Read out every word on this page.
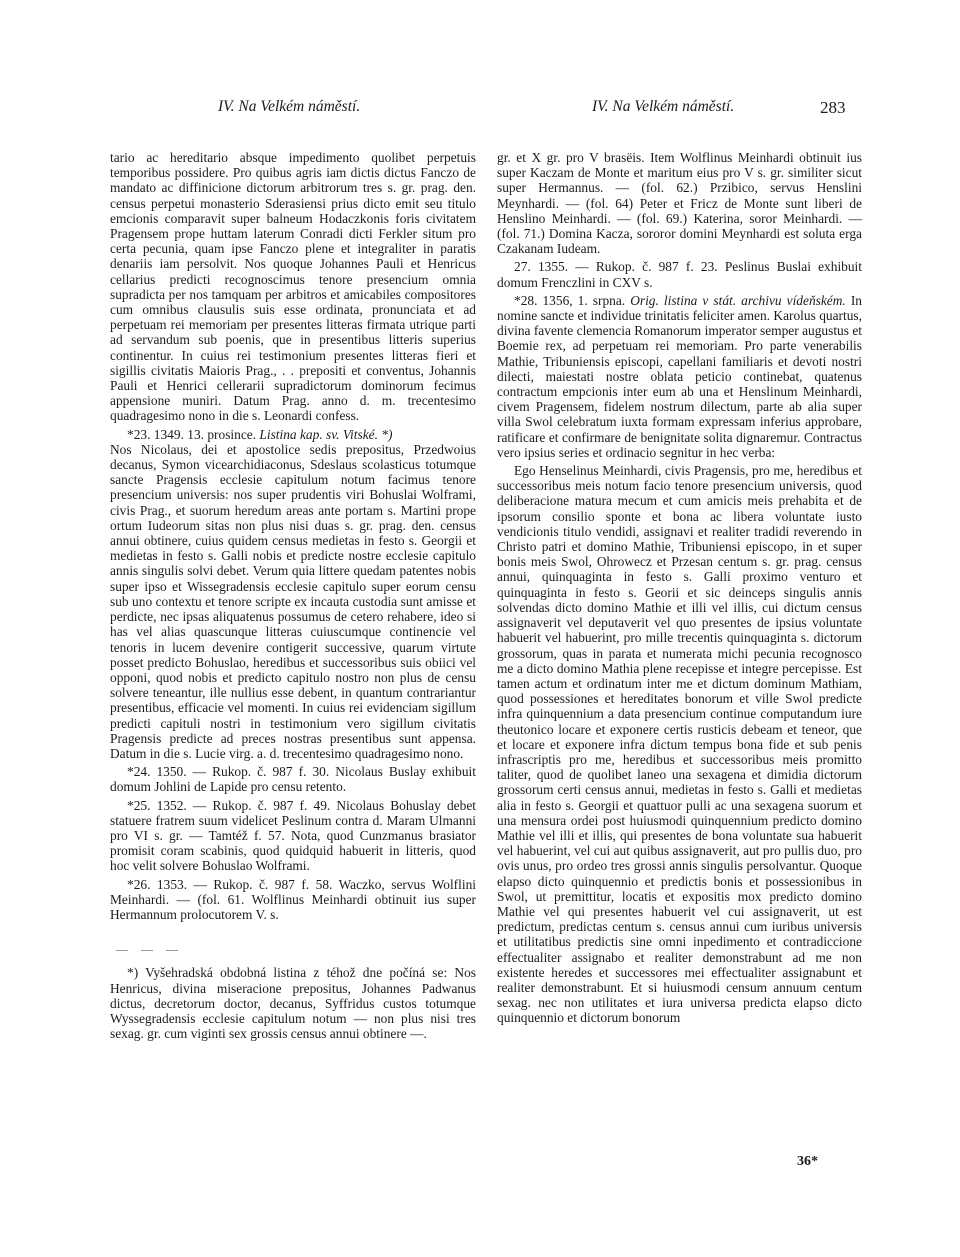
IV. Na Velkém náměstí.	IV. Na Velkém náměstí.	283

tario ac hereditario absque impedimento quolibet perpetuis temporibus possidere. Pro quibus agris iam dictis dictus Fanczo de mandato ac diffinicione dictorum arbitrorum tres s. gr. prag. den. census perpetui monasterio Sderasiensi prius dicto emit seu titulo emcionis comparavit super balneum Hodaczkonis foris civitatem Pragensem prope huttam laterum Conradi dicti Ferkler situm pro certa pecunia, quam ipse Fanczo plene et integraliter in paratis denariis iam persolvit. Nos quoque Johannes Pauli et Henricus cellarius predicti recognoscimus tenore presencium omnia supradicta per nos tamquam per arbitros et amicabiles compositores cum omnibus clausulis suis esse ordinata, pronunciata et ad perpetuam rei memoriam per presentes litteras firmata utrique parti ad servandum sub poenis, que in presentibus litteris superius continentur. In cuius rei testimonium presentes litteras fieri et sigillis civitatis Maioris Prag., . . prepositi et conventus, Johannis Pauli et Henrici cellerarii supradictorum dominorum fecimus appensione muniri. Datum Prag. anno d. m. trecentesimo quadragesimo nono in die s. Leonardi confess.

*23. 1349. 13. prosince. Listina kap. sv. Vitské. *)

Nos Nicolaus, dei et apostolice sedis prepositus, Przedwoius decanus, Symon vicearchidiaconus, Sdeslaus scolasticus totumque sancte Pragensis ecclesie capitulum notum facimus tenore presencium universis: nos super prudentis viri Bohuslai Wolframi, civis Prag., et suorum heredum areas ante portam s. Martini prope ortum Iudeorum sitas non plus nisi duas s. gr. prag. den. census annui obtinere, cuius quidem census medietas in festo s. Georgii et medietas in festo s. Galli nobis et predicte nostre ecclesie capitulo annis singulis solvi debet. Verum quia littere quedam patentes nobis super ipso et Wissegradensis ecclesie capitulo super eorum censu sub uno contextu et tenore scripte ex incauta custodia sunt amisse et perdicte, nec ipsas aliquatenus possumus de cetero rehabere, ideo si has vel alias quascunque litteras cuiuscumque continencie vel tenoris in lucem devenire contigerit successive, quarum virtute posset predicto Bohuslao, heredibus et successoribus suis obiici vel opponi, quod nobis et predicto capitulo nostro non plus de censu solvere teneantur, ille nullius esse debent, in quantum contrariantur presentibus, efficacie vel momenti. In cuius rei evidenciam sigillum predicti capituli nostri in testimonium vero sigillum civitatis Pragensis predicte ad preces nostras presentibus sunt appensa. Datum in die s. Lucie virg. a. d. trecentesimo quadragesimo nono.

*24. 1350. — Rukop. č. 987 f. 30. Nicolaus Buslay exhibuit domum Johlini de Lapide pro censu retento.

*25. 1352. — Rukop. č. 987 f. 49. Nicolaus Bohuslay debet statuere fratrem suum videlicet Peslinum contra d. Maram Ulmanni pro VI s. gr. — Tamtéž f. 57. Nota, quod Cunzmanus brasiator promisit coram scabinis, quod quidquid habuerit in litteris, quod hoc velit solvere Bohuslao Wolframi.

*26. 1353. — Rukop. č. 987 f. 58. Waczko, servus Wolflini Meinhardi. — (fol. 61. Wolflinus Meinhardi obtinuit ius super Hermannum prolocutorem V. s.

— — —

*) Vyšehradská obdobná listina z téhož dne počíná se: Nos Henricus, divina miseracione prepositus, Johannes Padwanus dictus, decretorum doctor, decanus, Syffridus custos totumque Wyssegradensis ecclesie capitulum notum — non plus nisi tres sexag. gr. cum viginti sex grossis census annui obtinere —.

gr. et X gr. pro V brasëis. Item Wolflinus Meinhardi obtinuit ius super Kaczam de Monte et maritum eius pro V s. gr. similiter sicut super Hermannus. — (fol. 62.) Przibico, servus Henslini Meynhardi. — (fol. 64) Peter et Fricz de Monte sunt liberi de Henslino Meinhardi. — (fol. 69.) Katerina, soror Meinhardi. — (fol. 71.) Domina Kacza, sororor domini Meynhardi est soluta erga Czakanam Iudeam.

27. 1355. — Rukop. č. 987 f. 23. Peslinus Buslai exhibuit domum Frenczlini in CXV s.

*28. 1356, 1. srpna. Orig. listina v stát. archivu vídeňském. In nomine sancte et individue trinitatis feliciter amen. Karolus quartus, divina favente clemencia Romanorum imperator semper augustus et Boemie rex, ad perpetuam rei memoriam. Pro parte venerabilis Mathie, Tribuniensis episcopi, capellani familiaris et devoti nostri dilecti, maiestati nostre oblata peticio continebat, quatenus contractum empcionis inter eum ab una et Henslinum Meinhardi, civem Pragensem, fidelem nostrum dilectum, parte ab alia super villa Swol celebratum iuxta formam expressam inferius approbare, ratificare et confirmare de benignitate solita dignaremur. Contractus vero ipsius series et ordinacio segnitur in hec verba:

Ego Henselinus Meinhardi, civis Pragensis, pro me, heredibus et successoribus meis notum facio tenore presencium universis, quod deliberacione matura mecum et cum amicis meis prehabita et de ipsorum consilio sponte et bona ac libera voluntate iusto vendicionis titulo vendidi, assignavi et realiter tradidi reverendo in Christo patri et domino Mathie, Tribuniensi episcopo, in et super bonis meis Swol, Ohrowecz et Przesan centum s. gr. prag. census annui, quinquaginta in festo s. Galli proximo venturo et quinquaginta in festo s. Georii et sic deinceps singulis annis solvendas dicto domino Mathie et illi vel illis, cui dictum census assignaverit vel deputaverit vel quo presentes de ipsius voluntate habuerit vel habuerint, pro mille trecentis quinquaginta s. dictorum grossorum, quas in parata et numerata michi pecunia recognosco me a dicto domino Mathia plene recepisse et integre percepisse. Est tamen actum et ordinatum inter me et dictum dominum Mathiam, quod possessiones et hereditates bonorum et ville Swol predicte infra quinquennium a data presencium continue computandum iure theutonico locare et exponere certis rusticis debeam et teneor, que et locare et exponere infra dictum tempus bona fide et sub penis infrascriptis pro me, heredibus et successoribus meis promitto taliter, quod de quolibet laneo una sexagena et dimidia dictorum grossorum certi census annui, medietas in festo s. Galli et medietas alia in festo s. Georgii et quattuor pulli ac una sexagena suorum et una mensura ordei post huiusmodi quinquennium predicto domino Mathie vel illi et illis, qui presentes de bona voluntate sua habuerit vel habuerint, vel cui aut quibus assignaverit, aut pro pullis duo, pro ovis unus, pro ordeo tres grossi annis singulis persolvantur. Quoque elapso dicto quinquennio et predictis bonis et possessionibus in Swol, ut premittitur, locatis et expositis mox predicto domino Mathie vel qui presentes habuerit vel cui assignaverit, ut est predictum, predictas centum s. census annui cum iuribus universis et utilitatibus predictis sine omni inpedimento et contradiccione effectualiter assignabo et realiter demonstrabunt ad me non existente heredes et successores mei effectualiter assignabunt et realiter demonstrabunt. Et si huiusmodi censum annuum centum sexag. nec non utilitates et iura universa predicta elapso dicto quinquennio et dictorum bonorum

36*
